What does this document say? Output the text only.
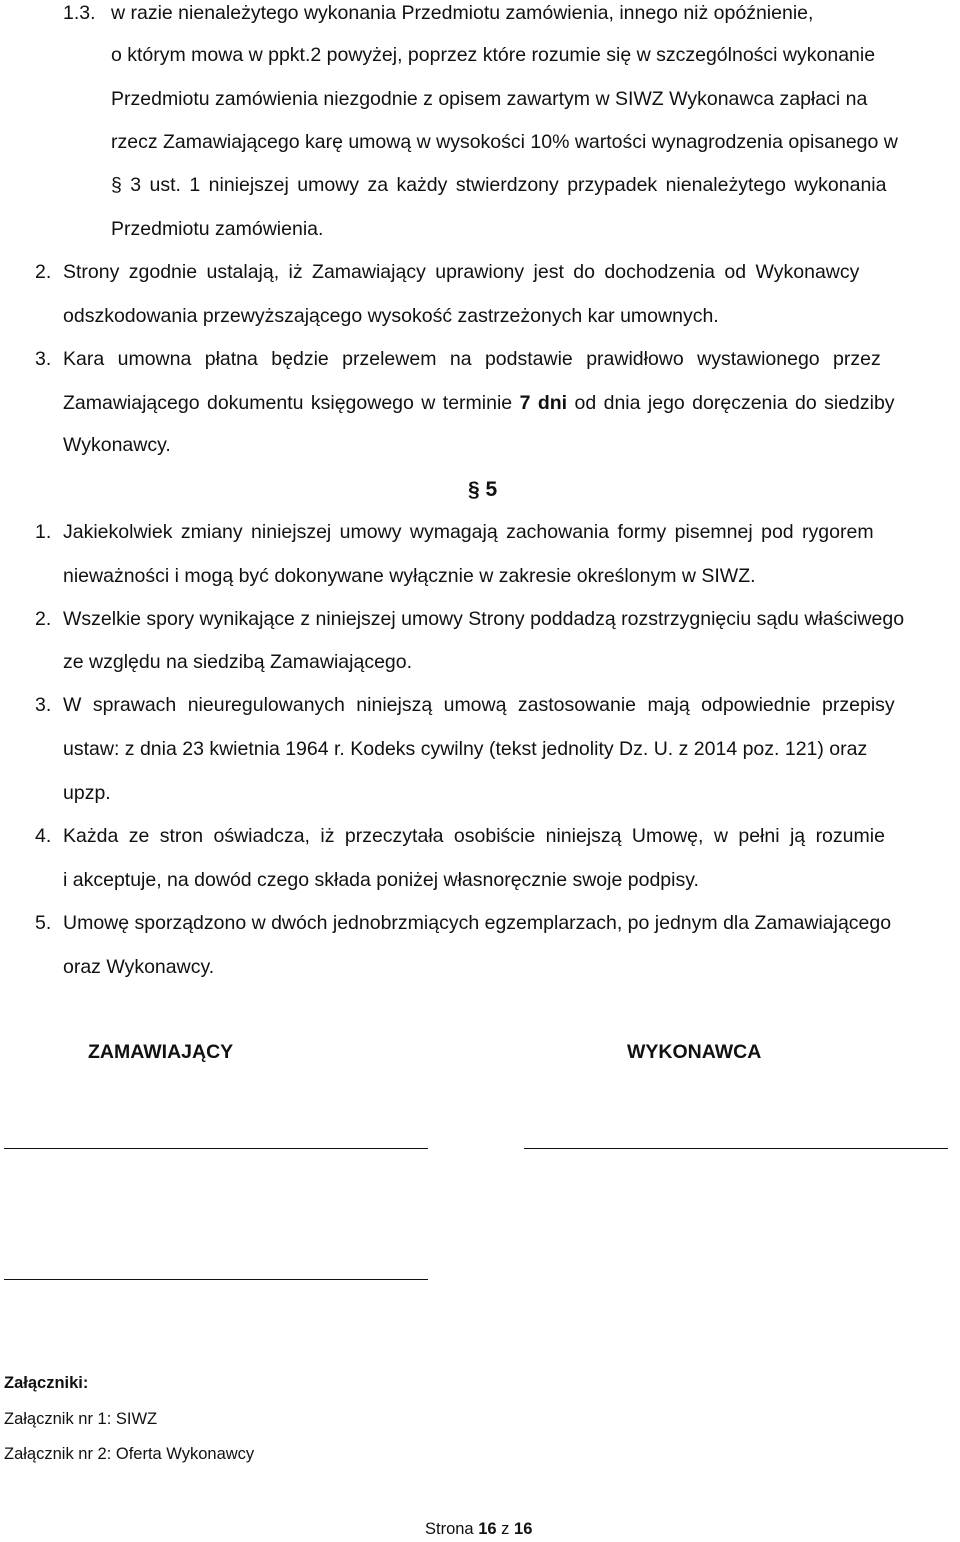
1.3. w razie nienależytego wykonania Przedmiotu zamówienia, innego niż opóźnienie,
o którym mowa w ppkt.2 powyżej, poprzez które rozumie się w szczególności wykonanie
Przedmiotu zamówienia niezgodnie z opisem zawartym w SIWZ Wykonawca zapłaci na
rzecz Zamawiającego karę umową w wysokości 10% wartości wynagrodzenia opisanego w
§ 3 ust. 1 niniejszej umowy za każdy stwierdzony przypadek nienależytego wykonania
Przedmiotu zamówienia.
2. Strony zgodnie ustalają, iż Zamawiający uprawiony jest do dochodzenia od Wykonawcy
odszkodowania przewyższającego wysokość zastrzeżonych kar umownych.
3. Kara umowna płatna będzie przelewem na podstawie prawidłowo wystawionego przez
Zamawiającego dokumentu księgowego w terminie 7 dni od dnia jego doręczenia do siedziby
Wykonawcy.
§ 5
1. Jakiekolwiek zmiany niniejszej umowy wymagają zachowania formy pisemnej pod rygorem
nieważności i mogą być dokonywane wyłącznie w zakresie określonym w SIWZ.
2. Wszelkie spory wynikające z niniejszej umowy Strony poddadzą rozstrzygnięciu sądu właściwego
ze względu na siedzibą Zamawiającego.
3. W sprawach nieuregulowanych niniejszą umową zastosowanie mają odpowiednie przepisy
ustaw: z dnia 23 kwietnia 1964 r. Kodeks cywilny (tekst jednolity Dz. U. z 2014 poz. 121) oraz
upzp.
4. Każda ze stron oświadcza, iż przeczytała osobiście niniejszą Umowę, w pełni ją rozumie
i akceptuje, na dowód czego składa poniżej własnoręcznie swoje podpisy.
5. Umowę sporządzono w dwóch jednobrzmiących egzemplarzach, po jednym dla Zamawiającego
oraz Wykonawcy.
ZAMAWIAJĄCY	WYKONAWCA
Załączniki:
Załącznik nr 1: SIWZ
Załącznik nr 2: Oferta Wykonawcy
Strona 16 z 16
